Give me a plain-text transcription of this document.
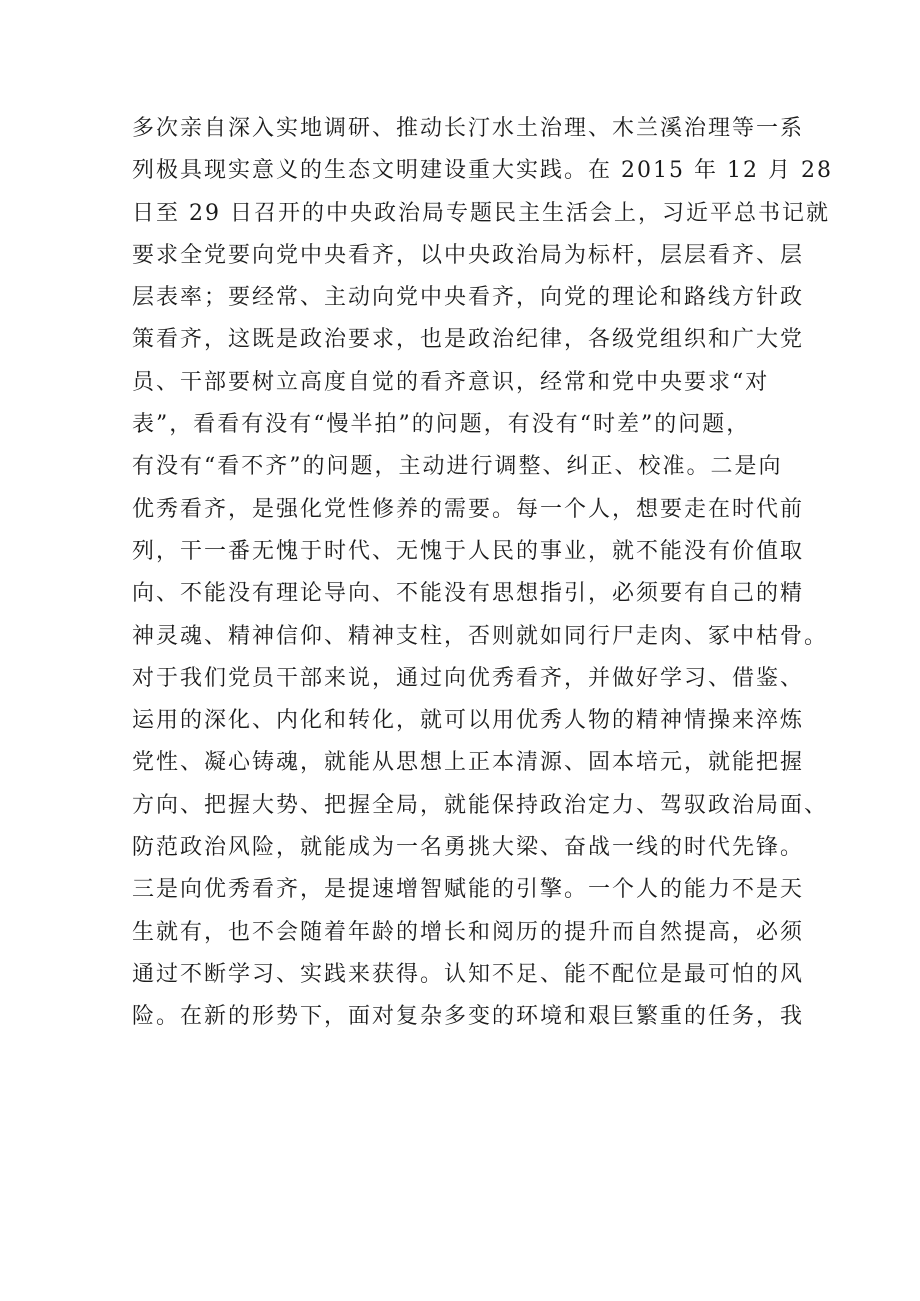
多次亲自深入实地调研、推动长汀水土治理、木兰溪治理等一系
列极具现实意义的生态文明建设重大实践。在 2015 年 12 月 28
日至 29 日召开的中央政治局专题民主生活会上，习近平总书记就
要求全党要向党中央看齐，以中央政治局为标杆，层层看齐、层
层表率；要经常、主动向党中央看齐，向党的理论和路线方针政
策看齐，这既是政治要求，也是政治纪律，各级党组织和广大党
员、干部要树立高度自觉的看齐意识，经常和党中央要求“对
表”，看看有没有“慢半拍”的问题，有没有“时差”的问题，
有没有“看不齐”的问题，主动进行调整、纠正、校准。二是向
优秀看齐，是强化党性修养的需要。每一个人，想要走在时代前
列，干一番无愧于时代、无愧于人民的事业，就不能没有价值取
向、不能没有理论导向、不能没有思想指引，必须要有自己的精
神灵魂、精神信仰、精神支柱，否则就如同行尸走肉、冢中枯骨。
对于我们党员干部来说，通过向优秀看齐，并做好学习、借鉴、
运用的深化、内化和转化，就可以用优秀人物的精神情操来淬炼
党性、凝心铸魂，就能从思想上正本清源、固本培元，就能把握
方向、把握大势、把握全局，就能保持政治定力、驾驭政治局面、
防范政治风险，就能成为一名勇挑大梁、奋战一线的时代先锋。
三是向优秀看齐，是提速增智赋能的引擎。一个人的能力不是天
生就有，也不会随着年龄的增长和阅历的提升而自然提高，必须
通过不断学习、实践来获得。认知不足、能不配位是最可怕的风
险。在新的形势下，面对复杂多变的环境和艰巨繁重的任务，我
